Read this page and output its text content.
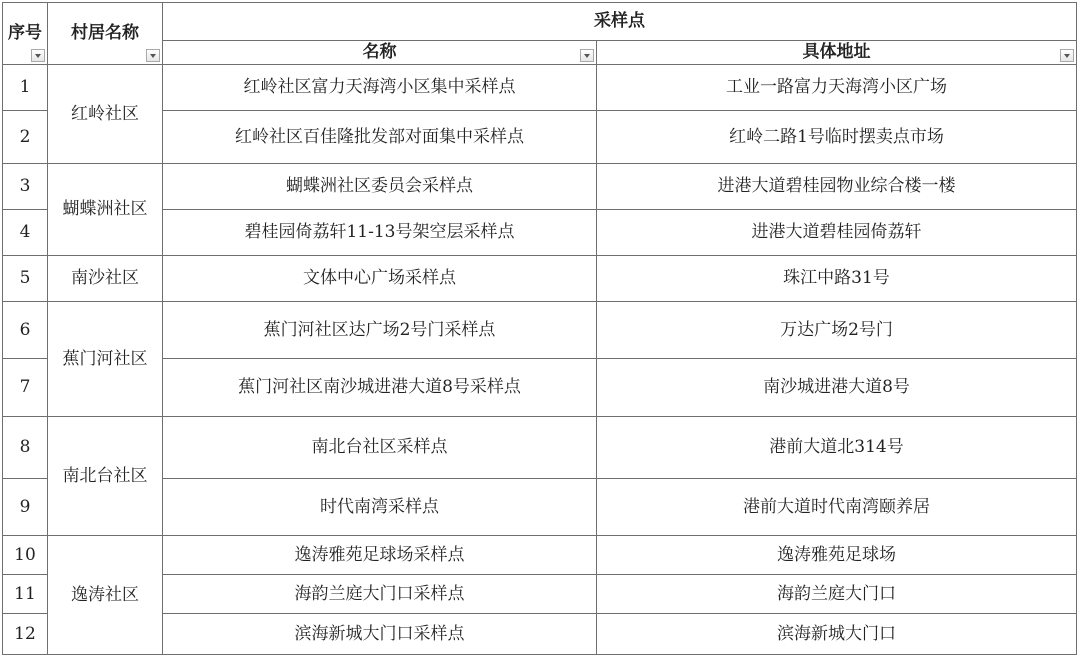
序号	村居名称	采样点	
		名称	具体地址

1	红岭社区	红岭社区富力天海湾小区集中采样点	工业一路富力天海湾小区广场
2		红岭社区百佳隆批发部对面集中采样点	红岭二路1号临时摆卖点市场
3	蝴蝶洲社区	蝴蝶洲社区委员会采样点	进港大道碧桂园物业综合楼一楼
4		碧桂园倚荔轩11-13号架空层采样点	进港大道碧桂园倚荔轩
5	南沙社区	文体中心广场采样点	珠江中路31号
6	蕉门河社区	蕉门河社区达广场2号门采样点	万达广场2号门
7		蕉门河社区南沙城进港大道8号采样点	南沙城进港大道8号
8	南北台社区	南北台社区采样点	港前大道北314号
9		时代南湾采样点	港前大道时代南湾颐养居
10	逸涛社区	逸涛雅苑足球场采样点	逸涛雅苑足球场
11		海韵兰庭大门口采样点	海韵兰庭大门口
12		滨海新城大门口采样点	滨海新城大门口
